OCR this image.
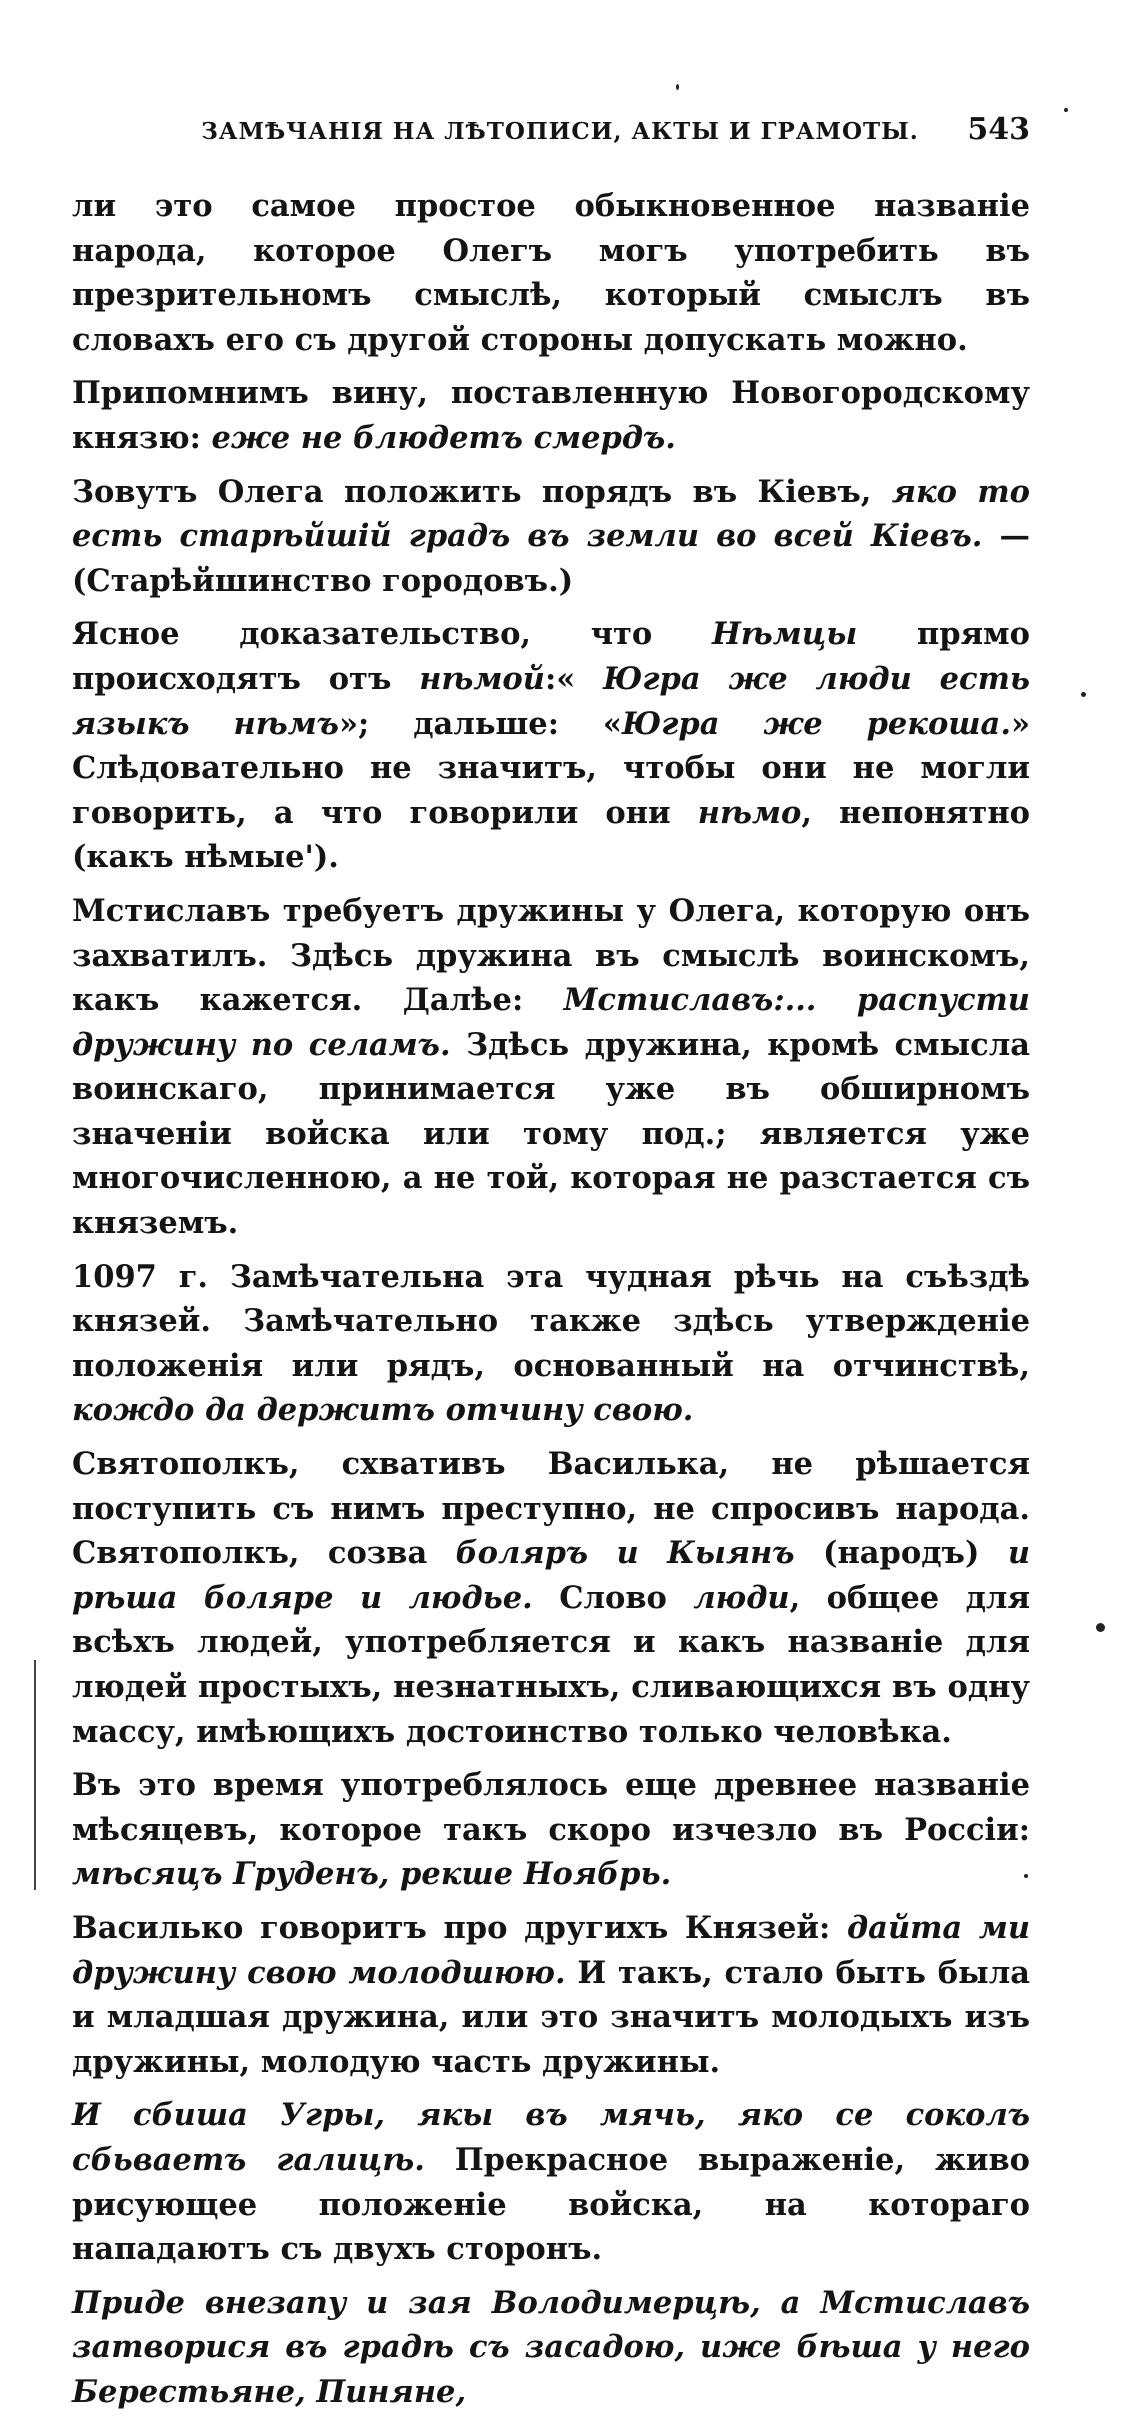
ЗАМѢЧАНІЯ НА ЛѢТОПИСИ, АКТЫ И ГРАМОТЫ.	543

ли это самое простое обыкновенное названіе народа, которое Олегъ могъ употребить въ презрительномъ смыслѣ, который смыслъ въ словахъ его съ другой стороны допускать можно.

Припомнимъ вину, поставленную Новогородскому князю: еже не блюдетъ смердъ.

Зовутъ Олега положить порядъ въ Кіевъ, яко то есть старѣйшій градъ въ земли во всей Кіевъ. — (Старѣйшинство городовъ.)

Ясное доказательство, что Нѣмцы прямо происходятъ отъ нѣмой:« Югра же люди есть языкъ нѣмъ»; дальше: «Югра же рекоша.» Слѣдовательно не значитъ, чтобы они не могли говорить, а что говорили они нѣмо, непонятно (какъ нѣмые').

Мстиславъ требуетъ дружины у Олега, которую онъ захватилъ. Здѣсь дружина въ смыслѣ воинскомъ, какъ кажется. Далѣе: Мстиславъ:... распусти дружину по селамъ. Здѣсь дружина, кромѣ смысла воинскаго, принимается уже въ обширномъ значеніи войска или тому под.; является уже многочисленною, а не той, которая не разстается съ княземъ.

1097 г. Замѣчательна эта чудная рѣчь на съѣздѣ князей. Замѣчательно также здѣсь утвержденіе положенія или рядъ, основанный на отчинствѣ, кождо да держитъ отчину свою.

Святополкъ, схвативъ Василька, не рѣшается поступить съ нимъ преступно, не спросивъ народа. Святополкъ, созва боляръ и Кыянъ (народъ) и рѣша боляре и людье. Слово люди, общее для всѣхъ людей, употребляется и какъ названіе для людей простыхъ, незнатныхъ, сливающихся въ одну массу, имѣющихъ достоинство только человѣка.

Въ это время употреблялось еще древнее названіе мѣсяцевъ, которое такъ скоро изчезло въ Россіи: мѣсяцъ Груденъ, рекше Ноябрь.

Василько говоритъ про другихъ Князей: дайта ми дружину свою молодшюю. И такъ, стало быть была и младшая дружина, или это значитъ молодыхъ изъ дружины, молодую часть дружины.

И сбиша Угры, якы въ мячь, яко се соколъ сбьваетъ галицѣ. Прекрасное выраженіе, живо рисующее положеніе войска, на котораго нападаютъ съ двухъ сторонъ.

Приде внезапу и зая Володимерцѣ, а Мстиславъ затворися въ градѣ съ засадою, иже бѣша у него Берестьяне, Пиняне,
